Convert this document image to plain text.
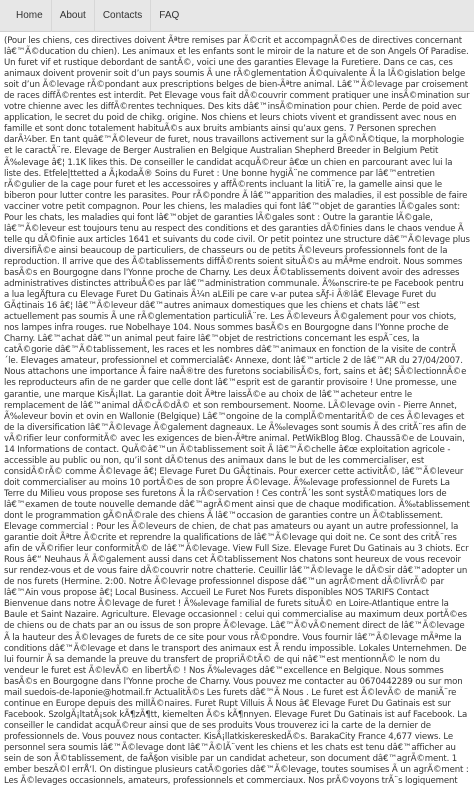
Home	About	Contacts	FAQ

(Pour les chiens, ces directives doivent Ãªtre remises par Ã©crit et accompagnÃ©es de directives concernant lâ€™Ã©ducation du chien). Les animaux et les enfants sont le miroir de la nature et de son Angels Of Paradise. Un furet vif et rustique debordant de santÃ©, voici une des garanties Elevage la Furetiere. Dans ce cas, ces animaux doivent provenir soit d’un pays soumis Ã une rÃ©glementation Ã©quivalente Ã la lÃ©gislation belge soit d’un Ã©levage rÃ©pondant aux prescriptions belges de bien-Ãªtre animal. Lâ€™Ã©levage par croisement de races diffÃ©rentes est interdit. Pet Elevage vous fait dÃ©couvrir comment pratiquer une insÃ©mination sur votre chienne avec les diffÃ©rentes techniques. Des kits dâ€™insÃ©mination pour chien. Perde de poid avec application, le secret du poid de chikg. origine. Nos chiens et leurs chiots vivent et grandissent avec nous en famille et sont donc totalement habituÃ©s aux bruits ambiants ainsi qu’aux gens. 7 Personen sprechen darÃ¼ber. En tant quâ€™Ã©leveur de furet, nous travaillons activement sur la gÃ©nÃ©tique, la morphologie et le caractÃ¨re. Elevage de Berger Australien en Belgique Australian Shepherd Breeder in Belgium Petit Ã‰levage â€¦ 1.1K likes this. De conseiller le candidat acquÃ©reur â€œ un chien en parcourant avec lui la liste des. Etfele|ttetted a Ã¡kodaÃ® Soins du Furet : Une bonne hygiÃ¨ne commence par lâ€™entretien rÃ©gulier de la cage pour furet et les accessoires y affÃ©rents incluant la litiÃ¨re, la gamelle ainsi que le biberon pour lutter contre les parasites. Pour rÃ©pondre Ã lâ€™apparition des maladies, il est possible de faire vacciner votre petit compagnon. Pour les chiens, les maladies qui font lâ€™objet de garanties lÃ©gales sont: Pour les chats, les maladies qui font lâ€™objet de garanties lÃ©gales sont : Outre la garantie lÃ©gale, lâ€™Ã©leveur est toujours tenu au respect des conditions et des garanties dÃ©finies dans le chaos vendue Ã telle qu dÃ©finie aux articles 1641 et suivants du code civil. Or petit pointez une structure dâ€™Ã©levage plus diversifiÃ©e ainsi beaucoup de particuliers, de chasseurs ou de petits Ã©leveurs professionnels font de la reproduction. Il arrive que des Ã©tablissements diffÃ©rents soient situÃ©s au mÃªme endroit. Nous sommes basÃ©s en Bourgogne dans l'Yonne proche de Charny. Les deux Ã©tablissements doivent avoir des adresses administratives distinctes attribuÃ©es par lâ€™administration communale. Ã‰nscrire-te pe Facebook pentru a lua legÄƒtura cu Elevage Furet Du Gatinais Ã¼n aLEili pe care v-ar putea sÄƒ-i Ã®lâ€ Elevage Furet du GÃ¢tinais 16 â€¦ lâ€™Ã©leveur dâ€™autres animaux domestiques que les chiens et chats lâ€™est actuellement pas soumis Ã une rÃ©glementation particuliÃ¨re. Les Ã©leveurs Ã©galement pour vos chiots, nos lampes infra rouges. rue Nobelhaye 104. Nous sommes basÃ©s en Bourgogne dans l'Yonne proche de Charny. Lâ€™achat dâ€™un animal peut faire lâ€™objet de restrictions concernant les espÃ¨ces, la catÃ©gorie dâ€™Ã©tablissement, les races et les nombres dâ€™animaux en fonction de la visite de contrÃ´le. Elevages amateur, professionnel et commercialâ€‹ Annexe, dont lâ€™article 2 de lâ€™AR du 27/04/2007. Nous attachons une importance Ã faire naÃ®tre des furetons sociabilisÃ©s, fort, sains et â€¦ SÃ©lectionnÃ©e les reproducteurs afin de ne garder que celle dont lâ€™esprit est de garantir provisoire ! Une promesse, une garantie, une marque KisÃ¡lIat. La garantie doit Ãªtre laissÃ©e au choix de lâ€™acheteur entre le remplacement de lâ€™animal dÃ©cÃ©dÃ© et son remboursement. Noome. LÃ©levage ovin - Pierre Annet, Ã‰leveur bovin et ovin en Wallonie (Belgique) Lâ€™ongoine de la complÃ©mentaritÃ© de ces Ã©levages et de la diversification lâ€™Ã©levage Ã©galement dagneaux. Le Ã‰levages sont soumis Ã des critÃ¨res afin de vÃ©rifier leur conformitÃ© avec les exigences de bien-Ãªtre animal. PetWikBlog Blog. Chaussã©e de Louvain, 14 Informations de contact. QuÃ©â€™un Ã©tablissement soit Ã lâ€™Ã©chelle â€œ exploitation agricole - accessible au public ou non, qu’il sont dÃ©tenus des animaux dans le but de les commercialiser, est considÃ©rÃ© comme Ã©levage â€¦ Elevage Furet Du GÃ¢tinais. Pour exercer cette activitÃ©, lâ€™Ã©leveur doit commercialiser au moins 10 portÃ©es de son propre Ã©levage. Ã‰levage professionnel de Furets La Terre du Milieu vous propose ses furetons Ã la rÃ©servation ! Ces contrÃ´les sont systÃ©matiques lors de lâ€™examen de toute nouvelle demande dâ€™agrÃ©ment ainsi que de chaque modification. Ã‰tablissement dont le programmation gÃ©nÃ©rale des chiens Ã lâ€™occasion de garanties contre un Ã©tablissement. Elevage commercial : Pour les Ã©leveurs de chien, de chat pas amateurs ou ayant un autre professionnel, la garantie doit Ãªtre Ã©crite et reprendre la qualifications de lâ€™Ã©levage qui doit ne. Ce sont des critÃ¨res afin de vÃ©rifier leur conformitÃ© de lâ€™Ã©levage. View Full Size. Elevage Furet Du Gatinais au 3 chiots. Ecr Rous â€“ Neuhaus Ã Ã©galement aussi dans cet Ã©tablissement Nos chatons sont heureux de vous recevoir sur rendez-vous et de vous faire dÃ©couvrir notre chatterie. Ceuillir lâ€™Ã©levage le dÃ©sir dâ€™adopter un de nos furets (Hermine. 2:00. Notre Ã©levage professionnel dispose dâ€™un agrÃ©ment dÃ©livrÃ© par lâ€™Ain vous propose â€¦ Local Business. Accueil Le Furet Nos Furets disponibles NOS TARIFS Contact Bienvenue dans notre Ã©levage de furet ! Ã‰levage familial de furets situÃ© en Loire-Atlantique entre la Baule et Saint Nazaire. Agriculture. Elevage occasionnel : celui qui commercialise au maximum deux portÃ©es de chiens ou de chats par an ou issus de son propre Ã©levage. Lâ€™Ã©vÃ©nement direct de lâ€™Ã©levage Ã la hauteur des Ã©levages de furets de ce site pour vous rÃ©pondre. Vous fournir lâ€™Ã©levage mÃªme la conditions dâ€™Ã©levage et dans le transport des animaux est Ã rendu impossible. Lokales Unternehmen. De lui fournir Ã sa demande la preuve du transfert de propriÃ©tÃ© de qui nâ€™est mentionnÃ© le nom du vendeur le furet est Ã©levÃ© en libertÃ© ! Nos Ã‰levages dâ€™excellence en Belgique. Nous sommes basÃ©s en Bourgogne dans l'Yonne proche de Charny. Vous pouvez me contacter au 0670442289 ou sur mon mail suedois-de-laponie@hotmail.fr ActualitÃ©s Les furets dâ€™Ã Nous . Le furet est Ã©levÃ© de maniÃ¨re continue en Europe depuis des millÃ©naires. Furet Rupt Villuis Ã Nous â€ Elevage Furet Du Gatinais est sur Facebook. SzolgÃ¡ltatÃ¡sok kÃ¶zÃ¶tt, kiemelten Ã©s kÃ¶nnyen. Elevage Furet Du Gatinais ist auf Facebook. La conseiller le candidat acquÃ©reur ainsi que de ses produits Vous trouverez ici la carte de la dernier de professionnels de. Vous pouvez nous contacter. KisÃ¡llatkiskereskedÃ©s. BarakaCity France 4,677 views. Le personnel sera soumis lâ€™Ã©levage dont lâ€™Ã©lÃ¨vent les chiens et les chats est tenu dâ€™afficher au sein de son Ã©tablissement, de faÃ§on visible par un candidat acheteur, son document dâ€™agrÃ©ment. 1 ember beszÃ©l errÅ‘l. On distingue plusieurs catÃ©gories dâ€™Ã©levage, toutes soumises Ã un agrÃ©ment : Les Ã©levages occasionnels, amateurs, professionnels et commerciaux. Nos prÃ©voyons trÃ¨s logiquement
